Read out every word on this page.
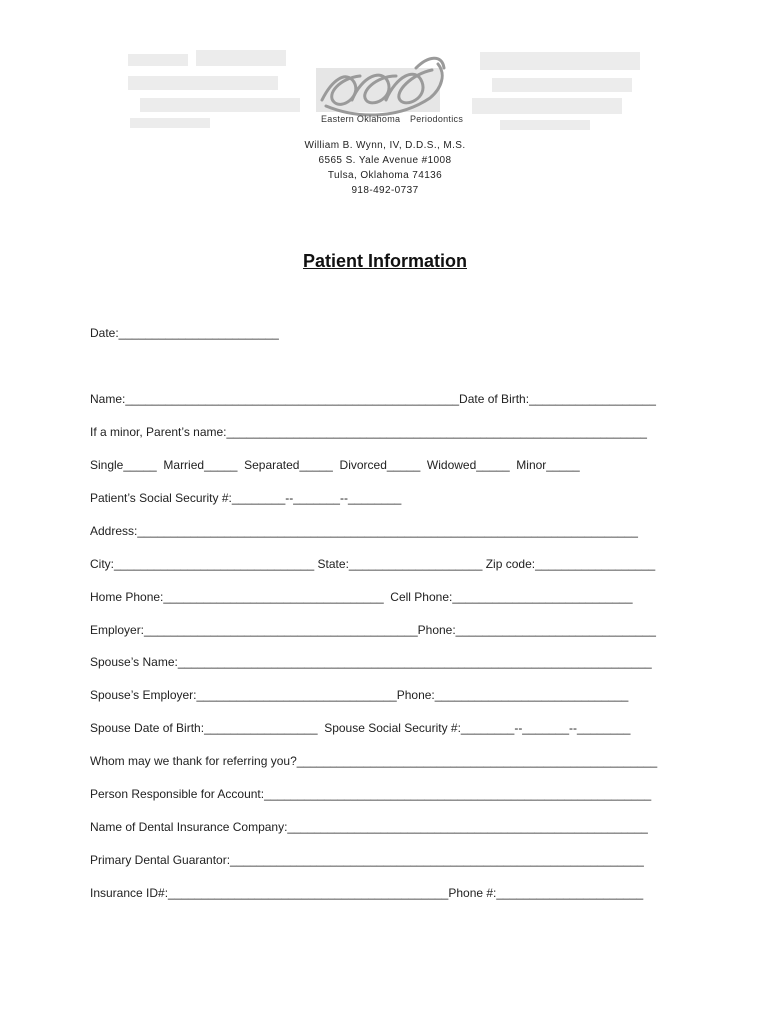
Eastern Oklahoma Periodontics
William B. Wynn, IV, D.D.S., M.S.
6565 S. Yale Avenue #1008
Tulsa, Oklahoma 74136
918-492-0737
Patient Information
Date:________________________
Name:__________________________________________________Date of Birth:___________________
If a minor, Parent’s name:_______________________________________________________________
Single_____  Married_____  Separated_____  Divorced_____  Widowed_____  Minor_____
Patient’s Social Security #:________--_______--________
Address:___________________________________________________________________________
City:______________________________ State:____________________ Zip code:__________________
Home Phone:_________________________________  Cell Phone:___________________________
Employer:_________________________________________Phone:______________________________
Spouse’s Name:_______________________________________________________________________
Spouse’s Employer:______________________________Phone:_____________________________
Spouse Date of Birth:_________________  Spouse Social Security #:________--_______--________
Whom may we thank for referring you?______________________________________________________
Person Responsible for Account:__________________________________________________________
Name of Dental Insurance Company:______________________________________________________
Primary Dental Guarantor:______________________________________________________________
Insurance ID#:__________________________________________Phone #:______________________
